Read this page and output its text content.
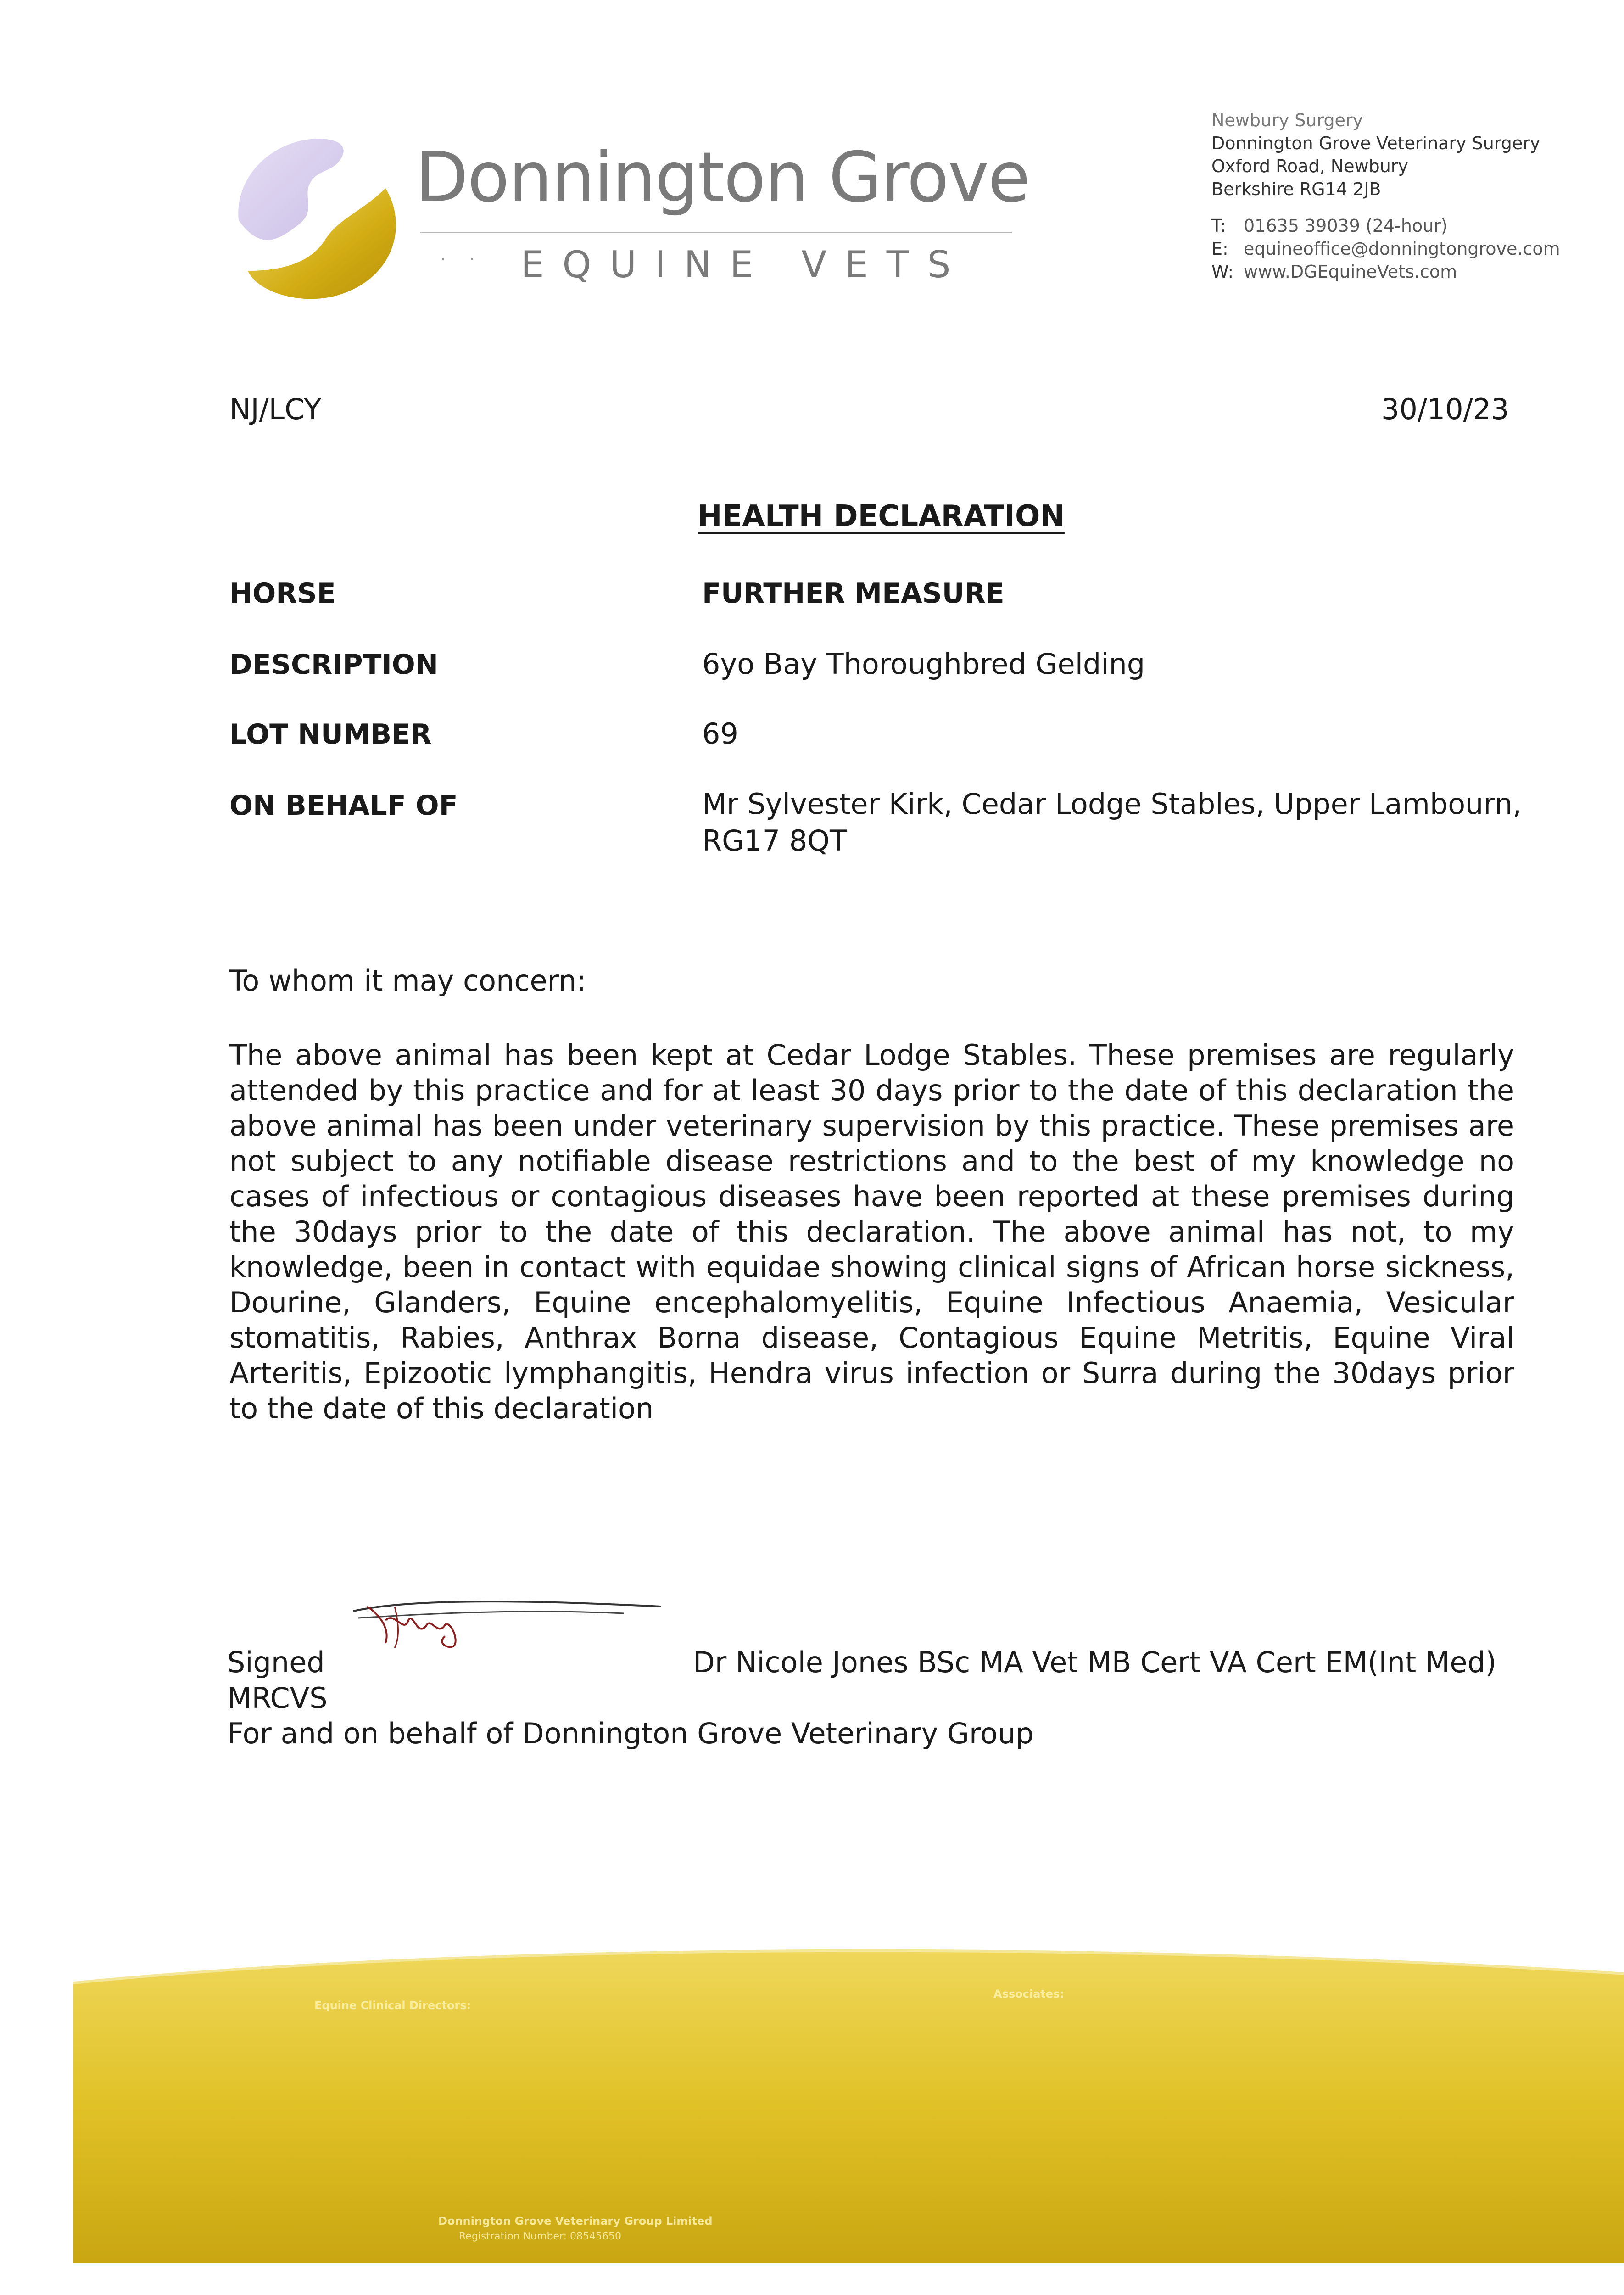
Donnington Grove
· · EQUINE VETS
Newbury Surgery
Donnington Grove Veterinary Surgery
Oxford Road, Newbury
Berkshire RG14 2JB
T: 01635 39039 (24-hour)
E: equineoffice@donningtongrove.com
W: www.DGEquineVets.com
NJ/LCY	30/10/23
HEALTH DECLARATION
HORSE	FURTHER MEASURE
DESCRIPTION	6yo Bay Thoroughbred Gelding
LOT NUMBER	69
ON BEHALF OF	Mr Sylvester Kirk, Cedar Lodge Stables, Upper Lambourn,
RG17 8QT
To whom it may concern:
The above animal has been kept at Cedar Lodge Stables. These premises are regularly attended by this practice and for at least 30 days prior to the date of this declaration the above animal has been under veterinary supervision by this practice. These premises are not subject to any notifiable disease restrictions and to the best of my knowledge no cases of infectious or contagious diseases have been reported at these premises during the 30days prior to the date of this declaration. The above animal has not, to my knowledge, been in contact with equidae showing clinical signs of African horse sickness, Dourine, Glanders, Equine encephalomyelitis, Equine Infectious Anaemia, Vesicular stomatitis, Rabies, Anthrax Borna disease, Contagious Equine Metritis, Equine Viral Arteritis, Epizootic lymphangitis, Hendra virus infection or Surra during the 30days prior to the date of this declaration
Signed	Dr Nicole Jones BSc MA Vet MB Cert VA Cert EM(Int Med)
MRCVS
For and on behalf of Donnington Grove Veterinary Group
Equine Clinical Directors:
Associates:
Donnington Grove Veterinary Group Limited
Registration Number: 08545650
